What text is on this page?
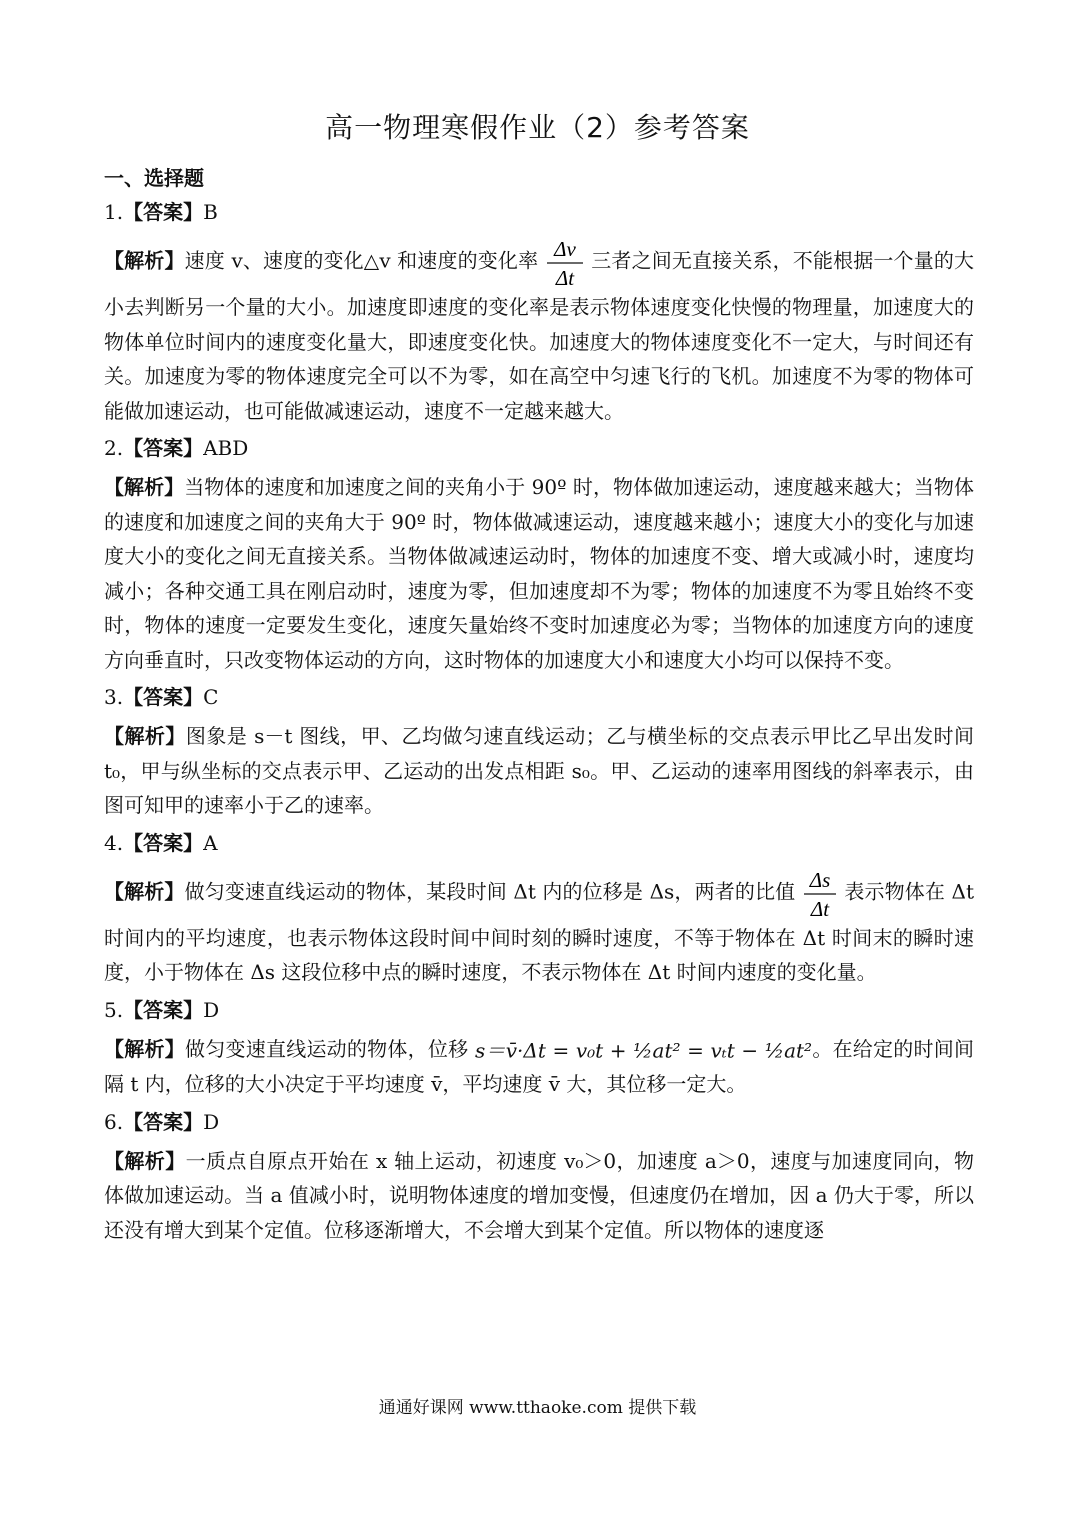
高一物理寒假作业（2）参考答案
一、选择题
1.【答案】B

【解析】速度 v、速度的变化△v 和速度的变化率 Δv
Δt
三者之间无直接关系，不能根据一个量的大小去判断另一个量的大小。加速度即速度的变化率是表示物体速度变化快慢的物理量，加速度大的物体单位时间内的速度变化量大，即速度变化快。加速度大的物体速度变化不一定大，与时间还有关。加速度为零的物体速度完全可以不为零，如在高空中匀速飞行的飞机。加速度不为零的物体可能做加速运动，也可能做减速运动，速度不一定越来越大。

2.【答案】ABD

【解析】当物体的速度和加速度之间的夹角小于 90º 时，物体做加速运动，速度越来越大；当物体的速度和加速度之间的夹角大于 90º 时，物体做减速运动，速度越来越小；速度大小的变化与加速度大小的变化之间无直接关系。当物体做减速运动时，物体的加速度不变、增大或减小时，速度均减小；各种交通工具在刚启动时，速度为零，但加速度却不为零；物体的加速度不为零且始终不变时，物体的速度一定要发生变化，速度矢量始终不变时加速度必为零；当物体的加速度方向的速度方向垂直时，只改变物体运动的方向，这时物体的加速度大小和速度大小均可以保持不变。

3.【答案】C

【解析】图象是 s－t 图线，甲、乙均做匀速直线运动；乙与横坐标的交点表示甲比乙早出发时间 t₀，甲与纵坐标的交点表示甲、乙运动的出发点相距 s₀。甲、乙运动的速率用图线的斜率表示，由图可知甲的速率小于乙的速率。

4.【答案】A

【解析】做匀变速直线运动的物体，某段时间 Δt 内的位移是 Δs，两者的比值 Δs
Δt
表示物体在 Δt 时间内的平均速度，也表示物体这段时间中间时刻的瞬时速度，不等于物体在 Δt 时间末的瞬时速度，小于物体在 Δs 这段位移中点的瞬时速度，不表示物体在 Δt 时间内速度的变化量。

5.【答案】D

【解析】做匀变速直线运动的物体，位移 s＝v̄·Δt = v₀t + ½at² = vₜt − ½at²。在给定的时间间隔 t 内，位移的大小决定于平均速度 v̄，平均速度 v̄ 大，其位移一定大。

6.【答案】D

【解析】一质点自原点开始在 x 轴上运动，初速度 v₀＞0，加速度 a＞0，速度与加速度同向，物体做加速运动。当 a 值减小时，说明物体速度的增加变慢，但速度仍在增加，因 a 仍大于零，所以还没有增大到某个定值。位移逐渐增大，不会增大到某个定值。所以物体的速度逐

通通好课网 www.tthaoke.com 提供下载
